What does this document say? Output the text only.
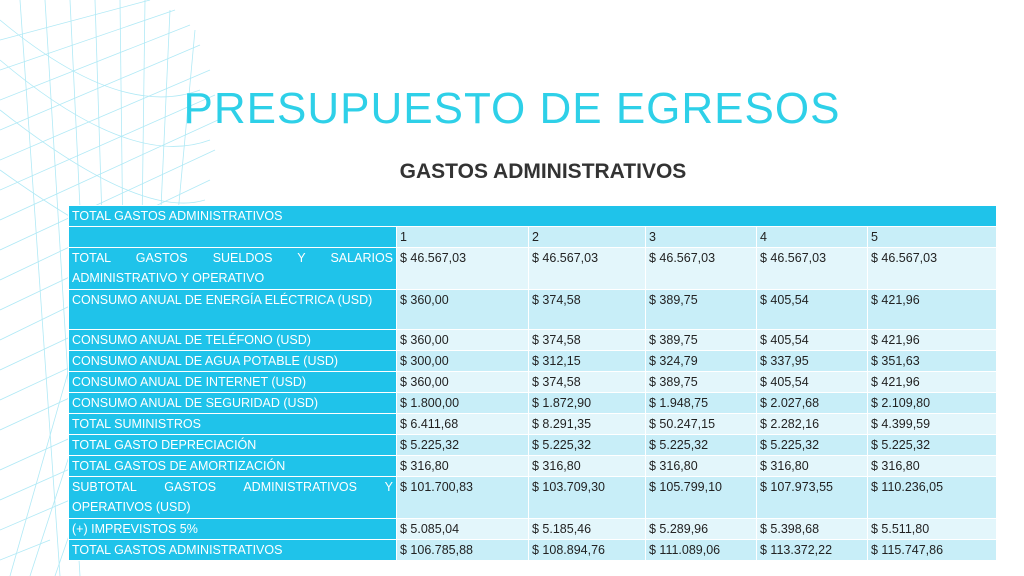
PRESUPUESTO DE EGRESOS
GASTOS ADMINISTRATIVOS
TOTAL GASTOS ADMINISTRATIVOS					
	1	2	3	4	5
TOTAL GASTOS SUELDOS Y SALARIOS ADMINISTRATIVO Y OPERATIVO	$ 46.567,03	$ 46.567,03	$ 46.567,03	$ 46.567,03	$ 46.567,03
CONSUMO ANUAL DE ENERGÍA ELÉCTRICA (USD)	$ 360,00	$ 374,58	$ 389,75	$ 405,54	$ 421,96
CONSUMO ANUAL DE TELÉFONO (USD)	$ 360,00	$ 374,58	$ 389,75	$ 405,54	$ 421,96
CONSUMO ANUAL DE AGUA POTABLE (USD)	$ 300,00	$ 312,15	$ 324,79	$ 337,95	$ 351,63
CONSUMO ANUAL DE INTERNET (USD)	$ 360,00	$ 374,58	$ 389,75	$ 405,54	$ 421,96
CONSUMO ANUAL DE SEGURIDAD (USD)	$ 1.800,00	$ 1.872,90	$ 1.948,75	$ 2.027,68	$ 2.109,80
TOTAL SUMINISTROS	$ 6.411,68	$ 8.291,35	$ 50.247,15	$ 2.282,16	$ 4.399,59
TOTAL GASTO DEPRECIACIÓN	$ 5.225,32	$ 5.225,32	$ 5.225,32	$ 5.225,32	$ 5.225,32
TOTAL GASTOS DE AMORTIZACIÓN	$ 316,80	$ 316,80	$ 316,80	$ 316,80	$ 316,80
SUBTOTAL GASTOS ADMINISTRATIVOS Y OPERATIVOS (USD)	$ 101.700,83	$ 103.709,30	$ 105.799,10	$ 107.973,55	$ 110.236,05
(+) IMPREVISTOS 5%	$ 5.085,04	$ 5.185,46	$ 5.289,96	$ 5.398,68	$ 5.511,80
TOTAL GASTOS ADMINISTRATIVOS	$ 106.785,88	$ 108.894,76	$ 111.089,06	$ 113.372,22	$ 115.747,86
